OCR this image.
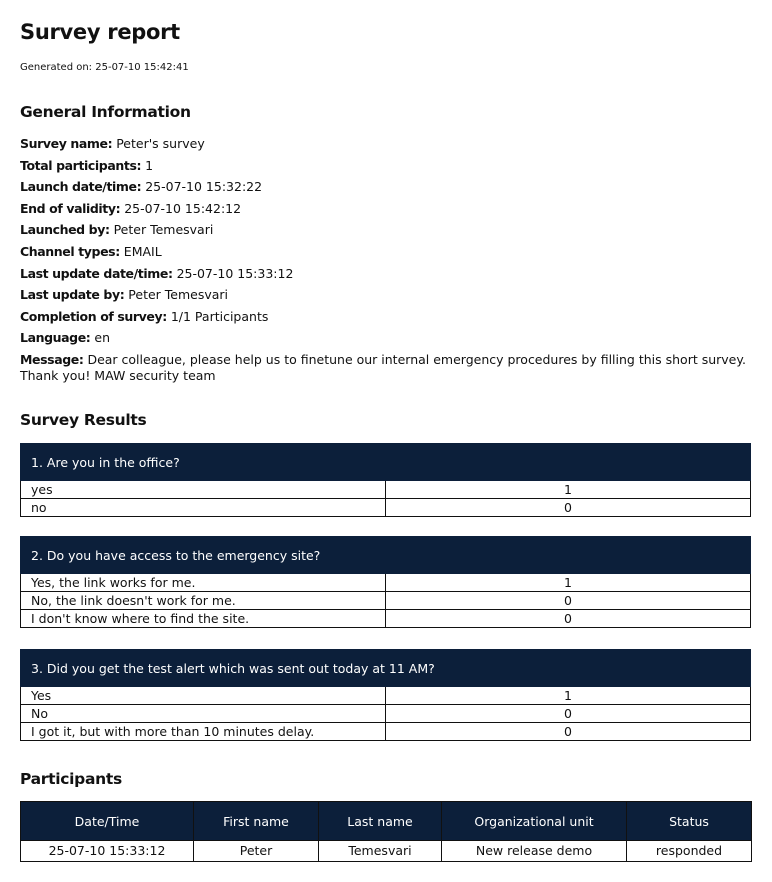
Survey report
Generated on: 25-07-10 15:42:41
General Information
Survey name: Peter's survey
Total participants: 1
Launch date/time: 25-07-10 15:32:22
End of validity: 25-07-10 15:42:12
Launched by: Peter Temesvari
Channel types: EMAIL
Last update date/time: 25-07-10 15:33:12
Last update by: Peter Temesvari
Completion of survey: 1/1 Participants
Language: en
Message: Dear colleague, please help us to finetune our internal emergency procedures by filling this short survey. Thank you! MAW security team
Survey Results
1. Are you in the office?	
yes	1
no	0
2. Do you have access to the emergency site?	
Yes, the link works for me.	1
No, the link doesn't work for me.	0
I don't know where to find the site.	0
3. Did you get the test alert which was sent out today at 11 AM?	
Yes	1
No	0
I got it, but with more than 10 minutes delay.	0
Participants
Date/Time	First name	Last name	Organizational unit	Status
25-07-10 15:33:12	Peter	Temesvari	New release demo	responded
